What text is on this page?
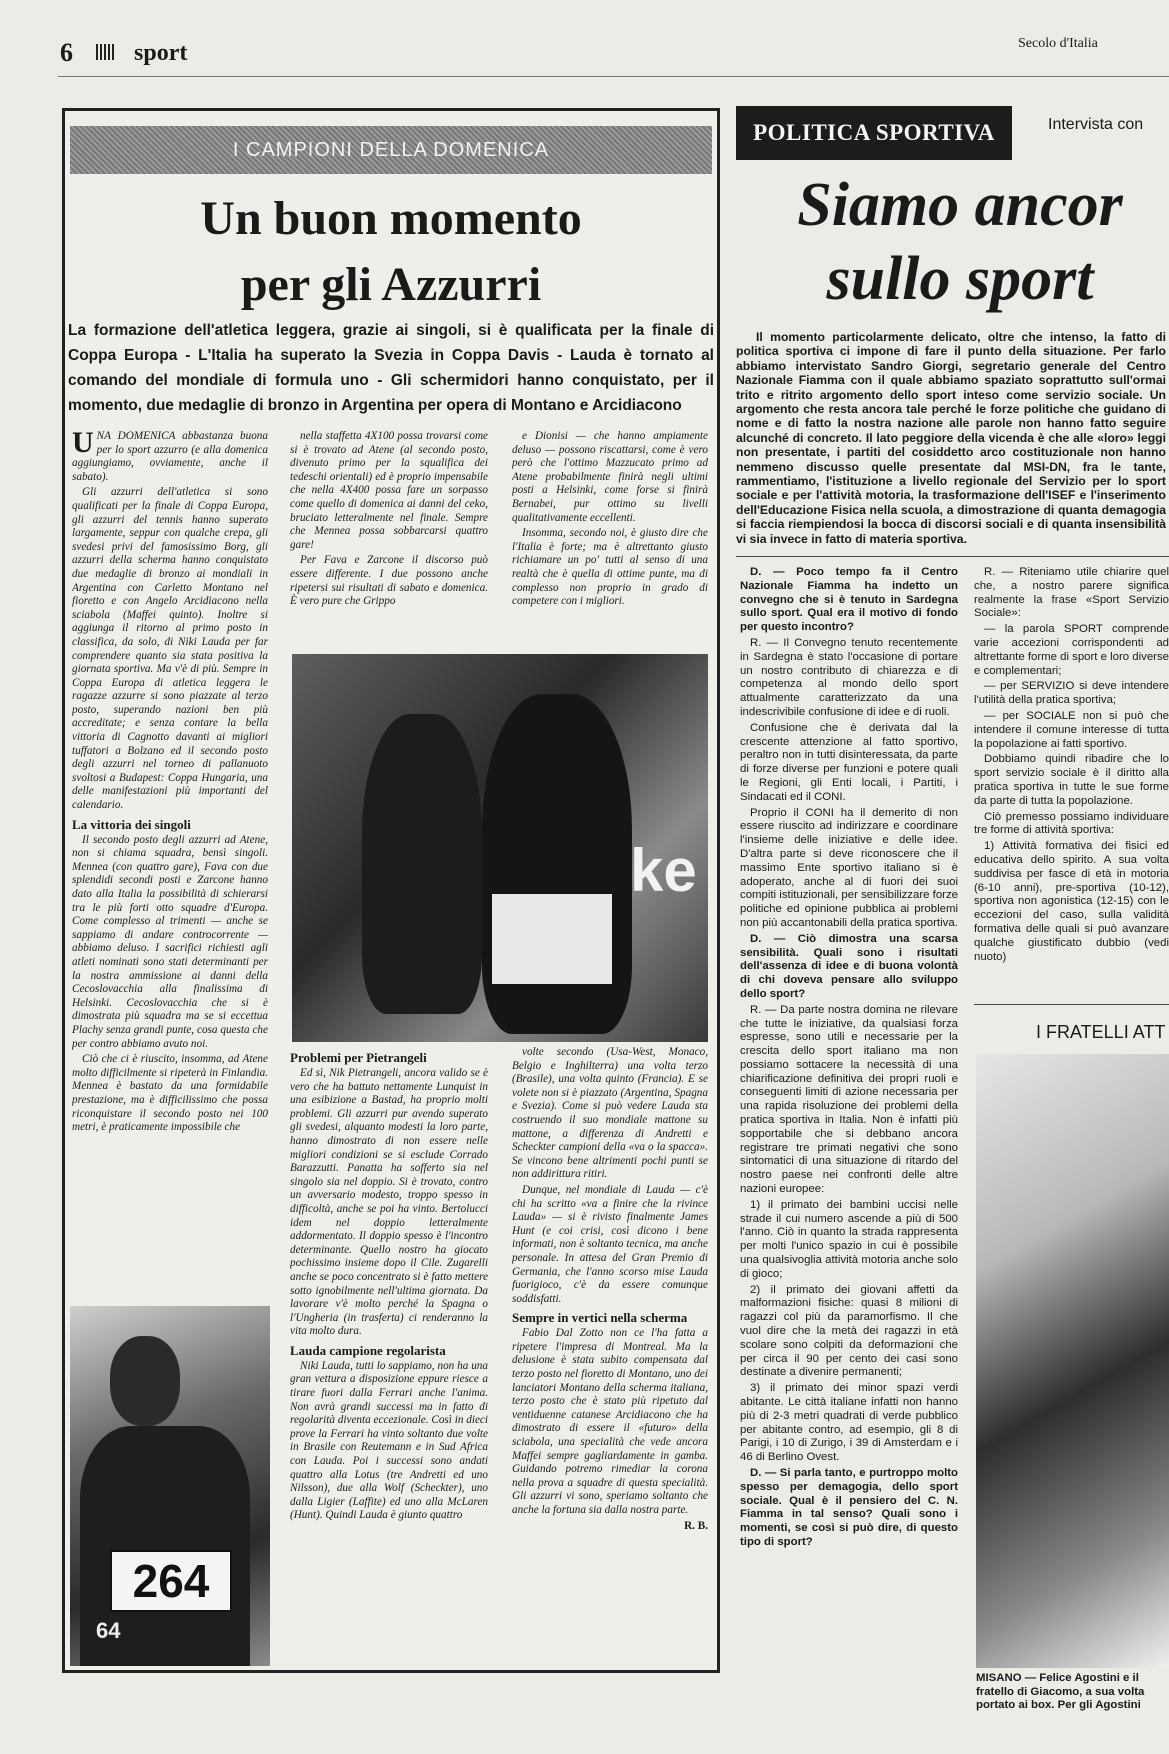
6	sport	Secolo d'Italia
I CAMPIONI DELLA DOMENICA
Un buon momento
per gli Azzurri
La formazione dell'atletica leggera, grazie ai singoli, si è qualificata per la finale di Coppa Europa - L'Italia ha superato la Svezia in Coppa Davis - Lauda è tornato al comando del mondiale di formula uno - Gli schermidori hanno conquistato, per il momento, due medaglie di bronzo in Argentina per opera di Montano e Arcidiacono

UNA DOMENICA abbastanza buona per lo sport azzurro (e alla domenica aggiungiamo, ovviamente, anche il sabato).

Gli azzurri dell'atletica si sono qualificati per la finale di Coppa Europa, gli azzurri del tennis hanno superato largamente, seppur con qualche crepa, gli svedesi privi del famosissimo Borg, gli azzurri della scherma hanno conquistato due medaglie di bronzo ai mondiali in Argentina con Carletto Montano nel fioretto e con Angelo Arcidiacono nella sciabola (Maffei quinto). Inoltre si aggiunga il ritorno al primo posto in classifica, da solo, di Niki Lauda per far comprendere quanto sia stata positiva la giornata sportiva. Ma v'è di più. Sempre in Coppa Europa di atletica leggera le ragazze azzurre si sono piazzate al terzo posto, superando nazioni ben più accreditate; e senza contare la bella vittoria di Cagnotto davanti ai migliori tuffatori a Bolzano ed il secondo posto degli azzurri nel torneo di pallanuoto svoltosi a Budapest: Coppa Hungaria, una delle manifestazioni più importanti del calendario.

La vittoria dei singoli

Il secondo posto degli azzurri ad Atene, non si chiama squadra, bensì singoli. Mennea (con quattro gare), Fava con due splendidi secondi posti e Zarcone hanno dato alla Italia la possibilità di schierarsi tra le più forti otto squadre d'Europa. Come complesso al trimenti — anche se sappiamo di andare controcorrente — abbiamo deluso. I sacrifici richiesti agli atleti nominati sono stati determinanti per la nostra ammissione ai danni della Cecoslovacchia alla finalissima di Helsinki. Cecoslovacchia che si è dimostrata più squadra ma se si eccettua Plachy senza grandi punte, cosa questa che per contro abbiamo avuto noi.

Ciò che ci è riuscito, insomma, ad Atene molto difficilmente si ripeterà in Finlandia. Mennea è bastato da una formidabile prestazione, ma è difficilissimo che possa riconquistare il secondo posto nei 100 metri, è praticamente impossibile che

nella staffetta 4X100 possa trovarsi come si è trovato ad Atene (al secondo posto, divenuto primo per la squalifica dei tedeschi orientali) ed è proprio impensabile che nella 4X400 possa fare un sorpasso come quello di domenica ai danni del ceko, bruciato letteralmente nel finale. Sempre che Mennea possa sobbarcarsi quattro gare!

Per Fava e Zarcone il discorso può essere differente. I due possono anche ripetersi sui risultati di sabato e domenica. È vero pure che Grippo

e Dionisi — che hanno ampiamente deluso — possono riscattarsi, come è vero però che l'ottimo Mazzucato primo ad Atene probabilmente finirà negli ultimi posti a Helsinki, come forse si finirà Bernabei, pur ottimo su livelli qualitativamente eccellenti.

Insomma, secondo noi, è giusto dire che l'Italia è forte; ma è altrettanto giusto richiamare un po' tutti al senso di una realtà che è quella di ottime punte, ma di complesso non proprio in grado di competere con i migliori.

ke
Problemi per Pietrangeli

Ed sì, Nik Pietrangeli, ancora valido se è vero che ha battuto nettamente Lunquist in una esibizione a Bastad, ha proprio molti problemi. Gli azzurri pur avendo superato gli svedesi, alquanto modesti la loro parte, hanno dimostrato di non essere nelle migliori condizioni se si esclude Corrado Barazzutti. Panatta ha sofferto sia nel singolo sia nel doppio. Si è trovato, contro un avversario modesto, troppo spesso in difficoltà, anche se poi ha vinto. Bertolucci idem nel doppio letteralmente addormentato. Il doppio spesso è l'incontro determinante. Quello nostro ha giocato pochissimo insieme dopo il Cile. Zugarelli anche se poco concentrato si è fatto mettere sotto ignobilmente nell'ultima giornata. Da lavorare v'è molto perché la Spagna o l'Ungheria (in trasferta) ci renderanno la vita molto dura.

Lauda campione regolarista

Niki Lauda, tutti lo sappiamo, non ha una gran vettura a disposizione eppure riesce a tirare fuori dalla Ferrari anche l'anima. Non avrà grandi successi ma in fatto di regolarità diventa eccezionale. Così in dieci prove la Ferrari ha vinto soltanto due volte in Brasile con Reutemann e in Sud Africa con Lauda. Poi i successi sono andati quattro alla Lotus (tre Andretti ed uno Nilsson), due alla Wolf (Scheckter), uno dalla Ligier (Laffite) ed uno alla McLaren (Hunt). Quindi Lauda è giunto quattro

volte secondo (Usa-West, Monaco, Belgio e Inghilterra) una volta terzo (Brasile), una volta quinto (Francia). E se volete non si è piazzato (Argentina, Spagna e Svezia). Come si può vedere Lauda sta costruendo il suo mondiale mattone su mattone, a differenza di Andretti e Scheckter campioni della «va o la spacca». Se vincono bene altrimenti pochi punti se non addirittura ritiri.

Dunque, nel mondiale di Lauda — c'è chi ha scritto «va a finire che la rivince Lauda» — si è rivisto finalmente James Hunt (e coi crisi, così dicono i bene informati, non è soltanto tecnica, ma anche personale. In attesa del Gran Premio di Germania, che l'anno scorso mise Lauda fuorigioco, c'è da essere comunque soddisfatti.

Sempre in vertici nella scherma

Fabio Dal Zotto non ce l'ha fatta a ripetere l'impresa di Montreal. Ma la delusione è stata subito compensata dal terzo posto nel fioretto di Montano, uno dei lanciatori Montano della scherma italiana, terzo posto che è stato più ripetuto dal ventiduenne catanese Arcidiacono che ha dimostrato di essere il «futuro» della sciabola, una specialità che vede ancora Maffei sempre gagliardamente in gamba. Guidando potremo rimediar la corona nella prova a squadre di questa specialità. Gli azzurri vi sono, speriamo soltanto che anche la fortuna sia dalla nostra parte.

R. B.

264
64
POLITICA SPORTIVA	Intervista con
Siamo ancor
sullo sport

Il momento particolarmente delicato, oltre che intenso, la fatto di politica sportiva ci impone di fare il punto della situazione. Per farlo abbiamo intervistato Sandro Giorgi, segretario generale del Centro Nazionale Fiamma con il quale abbiamo spaziato soprattutto sull'ormai trito e ritrito argomento dello sport inteso come servizio sociale. Un argomento che resta ancora tale perché le forze politiche che guidano di nome e di fatto la nostra nazione alle parole non hanno fatto seguire alcunché di concreto. Il lato peggiore della vicenda è che alle «loro» leggi non presentate, i partiti del cosiddetto arco costituzionale non hanno nemmeno discusso quelle presentate dal MSI-DN, fra le tante, rammentiamo, l'istituzione a livello regionale del Servizio per lo sport sociale e per l'attività motoria, la trasformazione dell'ISEF e l'inserimento dell'Educazione Fisica nella scuola, a dimostrazione di quanta demagogia si faccia riempiendosi la bocca di discorsi sociali e di quanta insensibilità vi sia invece in fatto di materia sportiva.

D. — Poco tempo fa il Centro Nazionale Fiamma ha indetto un convegno che si è tenuto in Sardegna sullo sport. Qual era il motivo di fondo per questo incontro?

R. — Il Convegno tenuto recentemente in Sardegna è stato l'occasione di portare un nostro contributo di chiarezza e di competenza al mondo dello sport attualmente caratterizzato da una indescrivibile confusione di idee e di ruoli.

Confusione che è derivata dal la crescente attenzione al fatto sportivo, peraltro non in tutti disinteressata, da parte di forze diverse per funzioni e potere quali le Regioni, gli Enti locali, i Partiti, i Sindacati ed il CONI.

Proprio il CONI ha il demerito di non essere riuscito ad indirizzare e coordinare l'insieme delle iniziative e delle idee. D'altra parte si deve riconoscere che il massimo Ente sportivo italiano si è adoperato, anche al di fuori dei suoi compiti istituzionali, per sensibilizzare forze politiche ed opinione pubblica ai problemi non più accantonabili della pratica sportiva.

D. — Ciò dimostra una scarsa sensibilità. Quali sono i risultati dell'assenza di idee e di buona volontà di chi doveva pensare allo sviluppo dello sport?

R. — Da parte nostra domina ne rilevare che tutte le iniziative, da qualsiasi forza espresse, sono utili e necessarie per la crescita dello sport italiano ma non possiamo sottacere la necessità di una chiarificazione definitiva dei propri ruoli e conseguenti limiti di azione necessaria per una rapida risoluzione dei problemi della pratica sportiva in Italia. Non è infatti più sopportabile che si debbano ancora registrare tre primati negativi che sono sintomatici di una situazione di ritardo del nostro paese nei confronti delle altre nazioni europee:

1) il primato dei bambini uccisi nelle strade il cui numero ascende a più di 500 l'anno. Ciò in quanto la strada rappresenta per molti l'unico spazio in cui è possibile una qualsivoglia attività motoria anche solo di gioco;

2) il primato dei giovani affetti da malformazioni fisiche: quasi 8 milioni di ragazzi col più da paramorfismo. Il che vuol dire che la metà dei ragazzi in età scolare sono colpiti da deformazioni che per circa il 90 per cento dei casi sono destinate a divenire permanenti;

3) il primato dei minor spazi verdi abitante. Le città italiane infatti non hanno più di 2-3 metri quadrati di verde pubblico per abitante contro, ad esempio, gli 8 di Parigi, i 10 di Zurigo, i 39 di Amsterdam e i 46 di Berlino Ovest.

D. — Si parla tanto, e purtroppo molto spesso per demagogia, dello sport sociale. Qual è il pensiero del C. N. Fiamma in tal senso? Quali sono i momenti, se così si può dire, di questo tipo di sport?

R. — Riteniamo utile chiarire quel che, a nostro parere significa realmente la frase «Sport Servizio Sociale»:

— la parola SPORT comprende varie accezioni corrispondenti ad altrettante forme di sport e loro diverse e complementari;

— per SERVIZIO si deve intendere l'utilità della pratica sportiva;

— per SOCIALE non si può che intendere il comune interesse di tutta la popolazione ai fatti sportivo.

Dobbiamo quindi ribadire che lo sport servizio sociale è il diritto alla pratica sportiva in tutte le sue forme da parte di tutta la popolazione.

Ciò premesso possiamo individuare tre forme di attività sportiva:

1) Attività formativa dei fisici ed educativa dello spirito. A sua volta suddivisa per fasce di età in motoria (6-10 anni), pre-sportiva (10-12), sportiva non agonistica (12-15) con le eccezioni del caso, sulla validità formativa delle quali si può avanzare qualche giustificato dubbio (vedi nuoto)

I FRATELLI ATT
MISANO — Felice Agostini e il fratello di Giacomo, a sua volta portato ai box. Per gli Agostini
